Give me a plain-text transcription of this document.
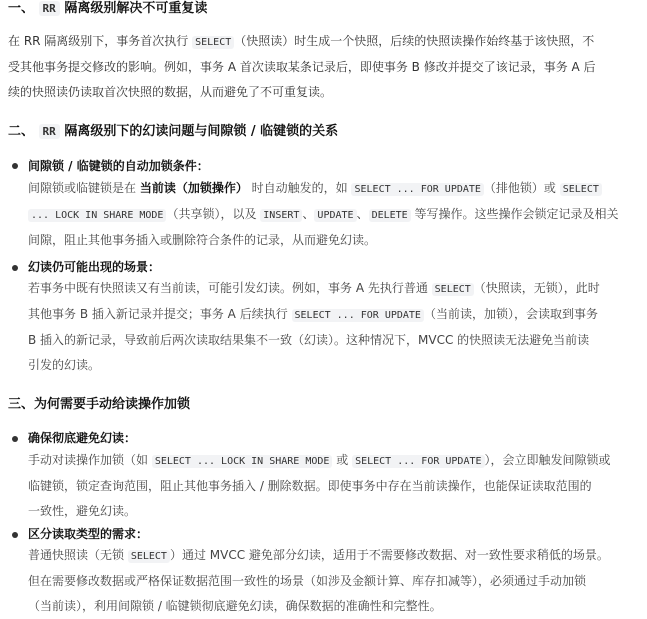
一、 RR 隔离级别解决不可重复读
在 RR 隔离级别下，事务首次执行 SELECT （快照读）时生成一个快照，后续的快照读操作始终基于该快照，不
受其他事务提交修改的影响。例如，事务 A 首次读取某条记录后，即使事务 B 修改并提交了该记录，事务 A 后
续的快照读仍读取首次快照的数据，从而避免了不可重复读。
二、 RR 隔离级别下的幻读问题与间隙锁 / 临键锁的关系
间隙锁 / 临键锁的自动加锁条件：
间隙锁或临键锁是在 当前读（加锁操作） 时自动触发的，如 SELECT ... FOR UPDATE （排他锁）或 SELECT
... LOCK IN SHARE MODE （共享锁），以及 INSERT 、 UPDATE 、 DELETE 等写操作。这些操作会锁定记录及相关
间隙，阻止其他事务插入或删除符合条件的记录，从而避免幻读。
幻读仍可能出现的场景：
若事务中既有快照读又有当前读，可能引发幻读。例如，事务 A 先执行普通 SELECT （快照读，无锁），此时
其他事务 B 插入新记录并提交；事务 A 后续执行 SELECT ... FOR UPDATE （当前读，加锁），会读取到事务
B 插入的新记录，导致前后两次读取结果集不一致（幻读）。这种情况下，MVCC 的快照读无法避免当前读
引发的幻读。
三、为何需要手动给读操作加锁
确保彻底避免幻读：
手动对读操作加锁（如 SELECT ... LOCK IN SHARE MODE 或 SELECT ... FOR UPDATE ），会立即触发间隙锁或
临键锁，锁定查询范围，阻止其他事务插入 / 删除数据。即使事务中存在当前读操作，也能保证读取范围的
一致性，避免幻读。
区分读取类型的需求：
普通快照读（无锁 SELECT ）通过 MVCC 避免部分幻读，适用于不需要修改数据、对一致性要求稍低的场景。
但在需要修改数据或严格保证数据范围一致性的场景（如涉及金额计算、库存扣减等），必须通过手动加锁
（当前读），利用间隙锁 / 临键锁彻底避免幻读，确保数据的准确性和完整性。
